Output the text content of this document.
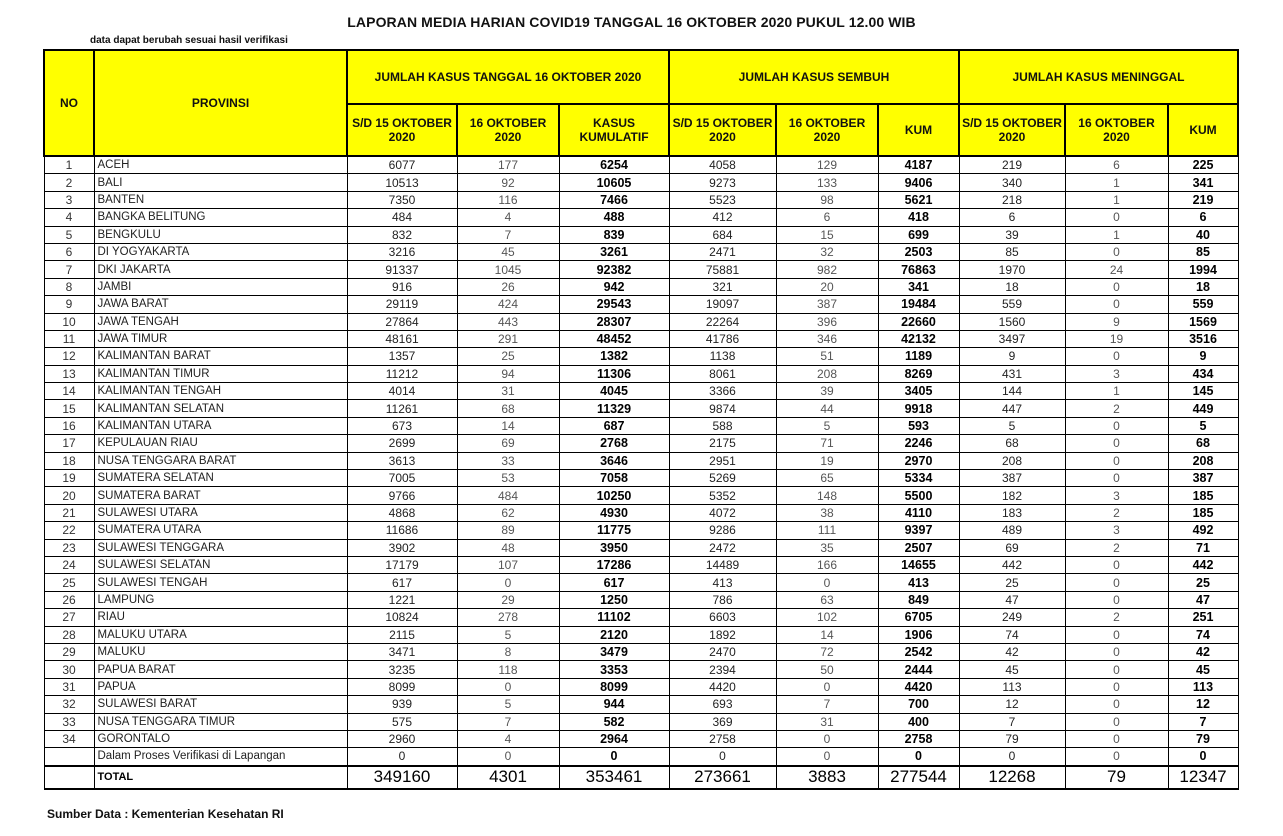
LAPORAN MEDIA HARIAN COVID19 TANGGAL 16 OKTOBER 2020 PUKUL 12.00 WIB
data dapat berubah sesuai hasil verifikasi
NO	PROVINSI	JUMLAH KASUS TANGGAL 16 OKTOBER 2020			JUMLAH KASUS SEMBUH			JUMLAH KASUS MENINGGAL		
		S/D 15 OKTOBER 2020	16 OKTOBER 2020	KASUS KUMULATIF	S/D 15 OKTOBER 2020	16 OKTOBER 2020	KUM	S/D 15 OKTOBER 2020	16 OKTOBER 2020	KUM
1	ACEH	6077	177	6254	4058	129	4187	219	6	225
2	BALI	10513	92	10605	9273	133	9406	340	1	341
3	BANTEN	7350	116	7466	5523	98	5621	218	1	219
4	BANGKA BELITUNG	484	4	488	412	6	418	6	0	6
5	BENGKULU	832	7	839	684	15	699	39	1	40
6	DI YOGYAKARTA	3216	45	3261	2471	32	2503	85	0	85
7	DKI JAKARTA	91337	1045	92382	75881	982	76863	1970	24	1994
8	JAMBI	916	26	942	321	20	341	18	0	18
9	JAWA BARAT	29119	424	29543	19097	387	19484	559	0	559
10	JAWA TENGAH	27864	443	28307	22264	396	22660	1560	9	1569
11	JAWA TIMUR	48161	291	48452	41786	346	42132	3497	19	3516
12	KALIMANTAN BARAT	1357	25	1382	1138	51	1189	9	0	9
13	KALIMANTAN TIMUR	11212	94	11306	8061	208	8269	431	3	434
14	KALIMANTAN TENGAH	4014	31	4045	3366	39	3405	144	1	145
15	KALIMANTAN SELATAN	11261	68	11329	9874	44	9918	447	2	449
16	KALIMANTAN UTARA	673	14	687	588	5	593	5	0	5
17	KEPULAUAN RIAU	2699	69	2768	2175	71	2246	68	0	68
18	NUSA TENGGARA BARAT	3613	33	3646	2951	19	2970	208	0	208
19	SUMATERA SELATAN	7005	53	7058	5269	65	5334	387	0	387
20	SUMATERA BARAT	9766	484	10250	5352	148	5500	182	3	185
21	SULAWESI UTARA	4868	62	4930	4072	38	4110	183	2	185
22	SUMATERA UTARA	11686	89	11775	9286	111	9397	489	3	492
23	SULAWESI TENGGARA	3902	48	3950	2472	35	2507	69	2	71
24	SULAWESI SELATAN	17179	107	17286	14489	166	14655	442	0	442
25	SULAWESI TENGAH	617	0	617	413	0	413	25	0	25
26	LAMPUNG	1221	29	1250	786	63	849	47	0	47
27	RIAU	10824	278	11102	6603	102	6705	249	2	251
28	MALUKU UTARA	2115	5	2120	1892	14	1906	74	0	74
29	MALUKU	3471	8	3479	2470	72	2542	42	0	42
30	PAPUA BARAT	3235	118	3353	2394	50	2444	45	0	45
31	PAPUA	8099	0	8099	4420	0	4420	113	0	113
32	SULAWESI BARAT	939	5	944	693	7	700	12	0	12
33	NUSA TENGGARA TIMUR	575	7	582	369	31	400	7	0	7
34	GORONTALO	2960	4	2964	2758	0	2758	79	0	79
	Dalam Proses Verifikasi di Lapangan	0	0	0	0	0	0	0	0	0
	TOTAL	349160	4301	353461	273661	3883	277544	12268	79	12347
Sumber Data : Kementerian Kesehatan RI
